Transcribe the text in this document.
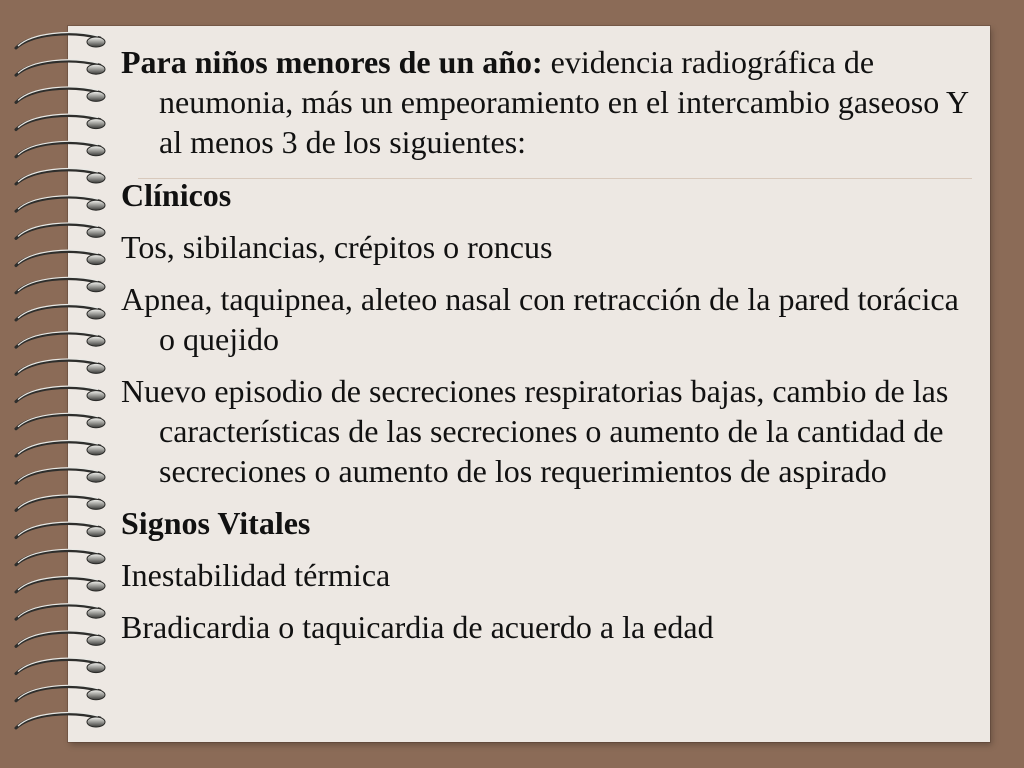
Para niños menores de un año: evidencia radiográfica de neumonia, más un empeoramiento en el intercambio gaseoso Y al menos 3 de los siguientes:

Clínicos

Tos, sibilancias, crépitos o roncus

Apnea, taquipnea, aleteo nasal con retracción de la pared torácica o quejido

Nuevo episodio de secreciones respiratorias bajas, cambio de las características de las secreciones o aumento de la cantidad de secreciones o aumento de los requerimientos de aspirado

Signos Vitales

Inestabilidad térmica

Bradicardia o taquicardia de acuerdo a la edad
